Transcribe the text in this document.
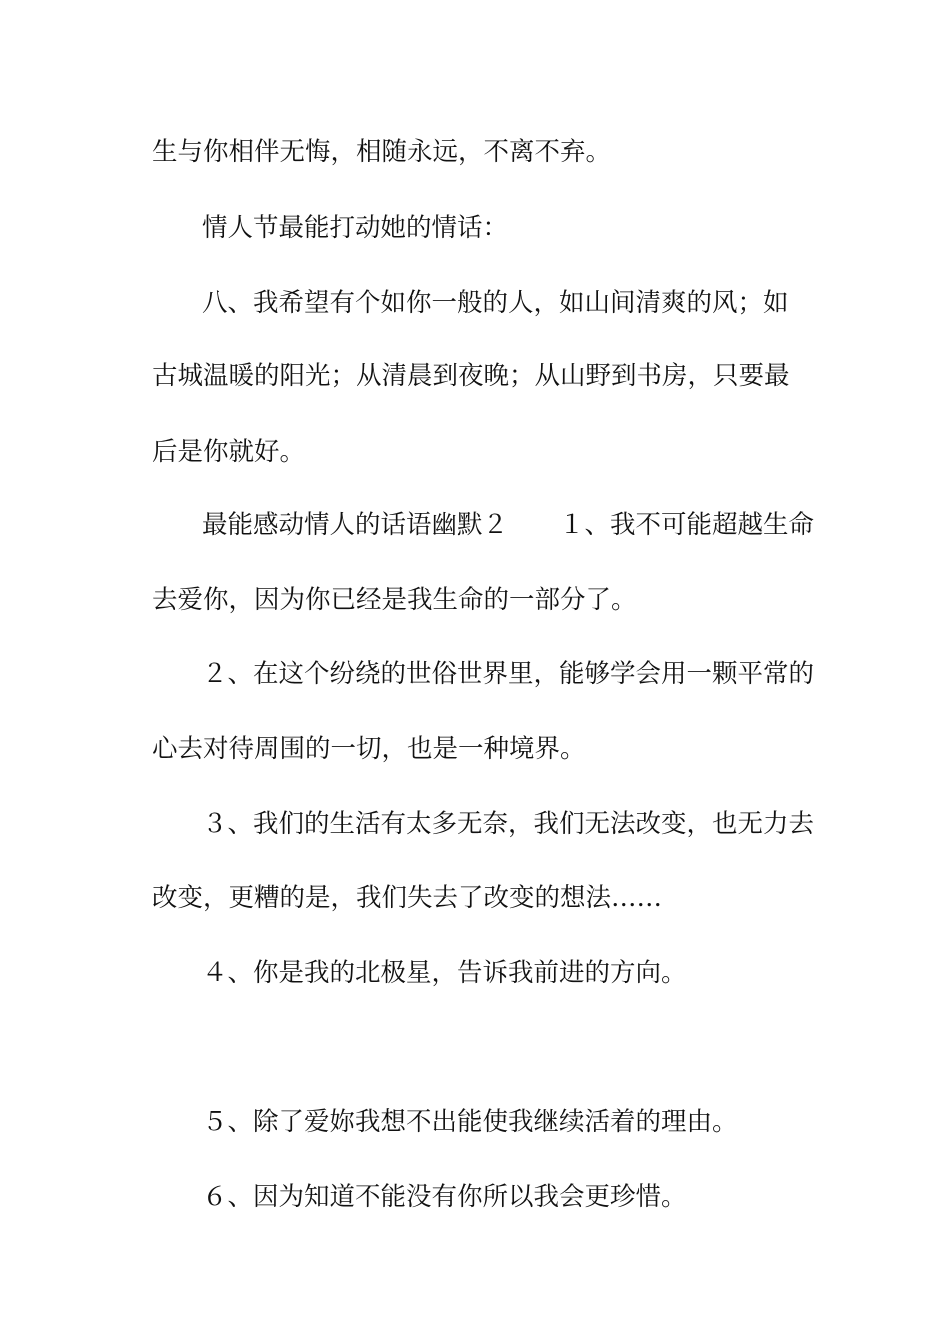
生与你相伴无悔，相随永远，不离不弃。
情人节最能打动她的情话：
八、我希望有个如你一般的人，如山间清爽的风；如
古城温暖的阳光；从清晨到夜晚；从山野到书房，只要最
后是你就好。
最能感动情人的话语幽默２　　１、我不可能超越生命
去爱你，因为你已经是我生命的一部分了。
２、在这个纷绕的世俗世界里，能够学会用一颗平常的
心去对待周围的一切，也是一种境界。
３、我们的生活有太多无奈，我们无法改变，也无力去
改变，更糟的是，我们失去了改变的想法……
４、你是我的北极星，告诉我前进的方向。
５、除了爱妳我想不出能使我继续活着的理由。
６、因为知道不能没有你所以我会更珍惜。
